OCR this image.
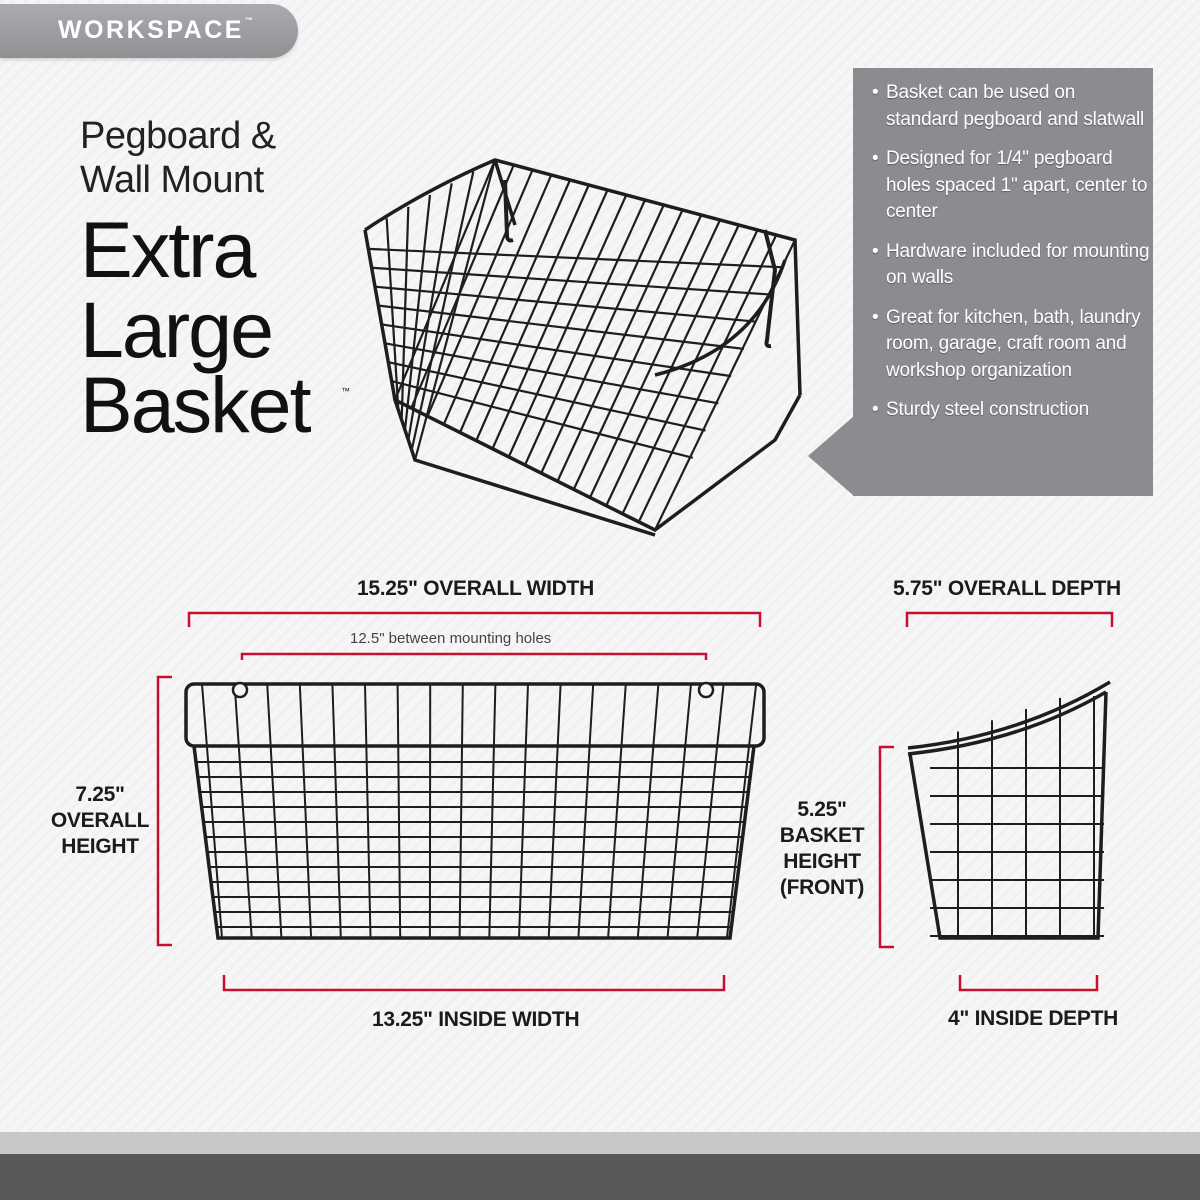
WORKSPACE™
Pegboard &
Wall Mount
Extra
Large
Basket	™
• Basket can be used on standard pegboard and slatwall
• Designed for 1/4" pegboard holes spaced 1" apart, center to center
• Hardware included for mounting on walls
• Great for kitchen, bath, laundry room, garage, craft room and workshop organization
• Sturdy steel construction
15.25" OVERALL WIDTH
12.5" between mounting holes
13.25" INSIDE WIDTH
5.75" OVERALL DEPTH
4" INSIDE DEPTH
7.25"
OVERALL
HEIGHT
5.25"
BASKET
HEIGHT
(FRONT)
